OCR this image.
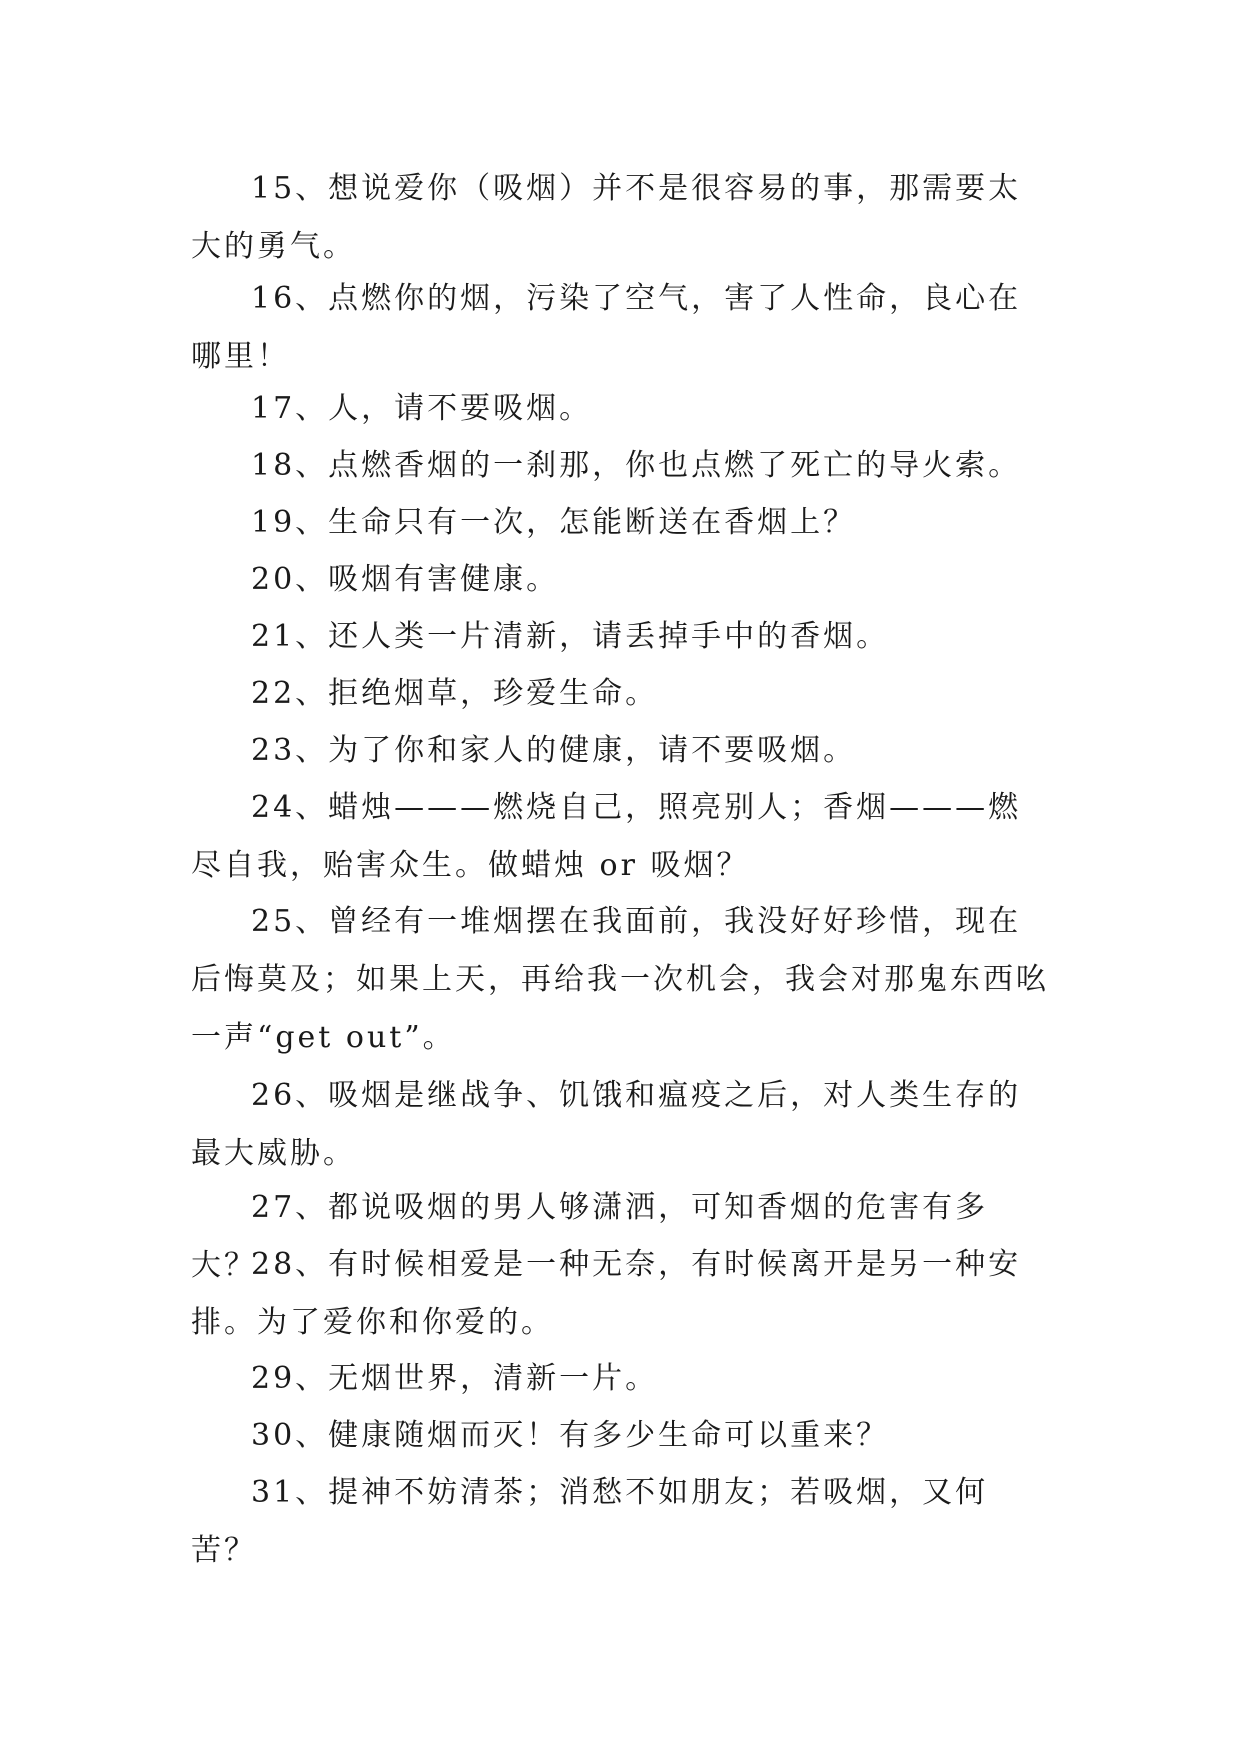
15、想说爱你（吸烟）并不是很容易的事，那需要太大的勇气。

16、点燃你的烟，污染了空气，害了人性命，良心在哪里！

17、人，请不要吸烟。

18、点燃香烟的一刹那，你也点燃了死亡的导火索。

19、生命只有一次，怎能断送在香烟上？

20、吸烟有害健康。

21、还人类一片清新，请丢掉手中的香烟。

22、拒绝烟草，珍爱生命。

23、为了你和家人的健康，请不要吸烟。

24、蜡烛———燃烧自己，照亮别人；香烟———燃尽自我，贻害众生。做蜡烛 or 吸烟？

25、曾经有一堆烟摆在我面前，我没好好珍惜，现在后悔莫及；如果上天，再给我一次机会，我会对那鬼东西吆一声“get out”。

26、吸烟是继战争、饥饿和瘟疫之后，对人类生存的最大威胁。

27、都说吸烟的男人够潇洒，可知香烟的危害有多大？

28、有时候相爱是一种无奈，有时候离开是另一种安排。为了爱你和你爱的。

29、无烟世界，清新一片。

30、健康随烟而灭！有多少生命可以重来？

31、提神不妨清茶；消愁不如朋友；若吸烟，又何苦？
